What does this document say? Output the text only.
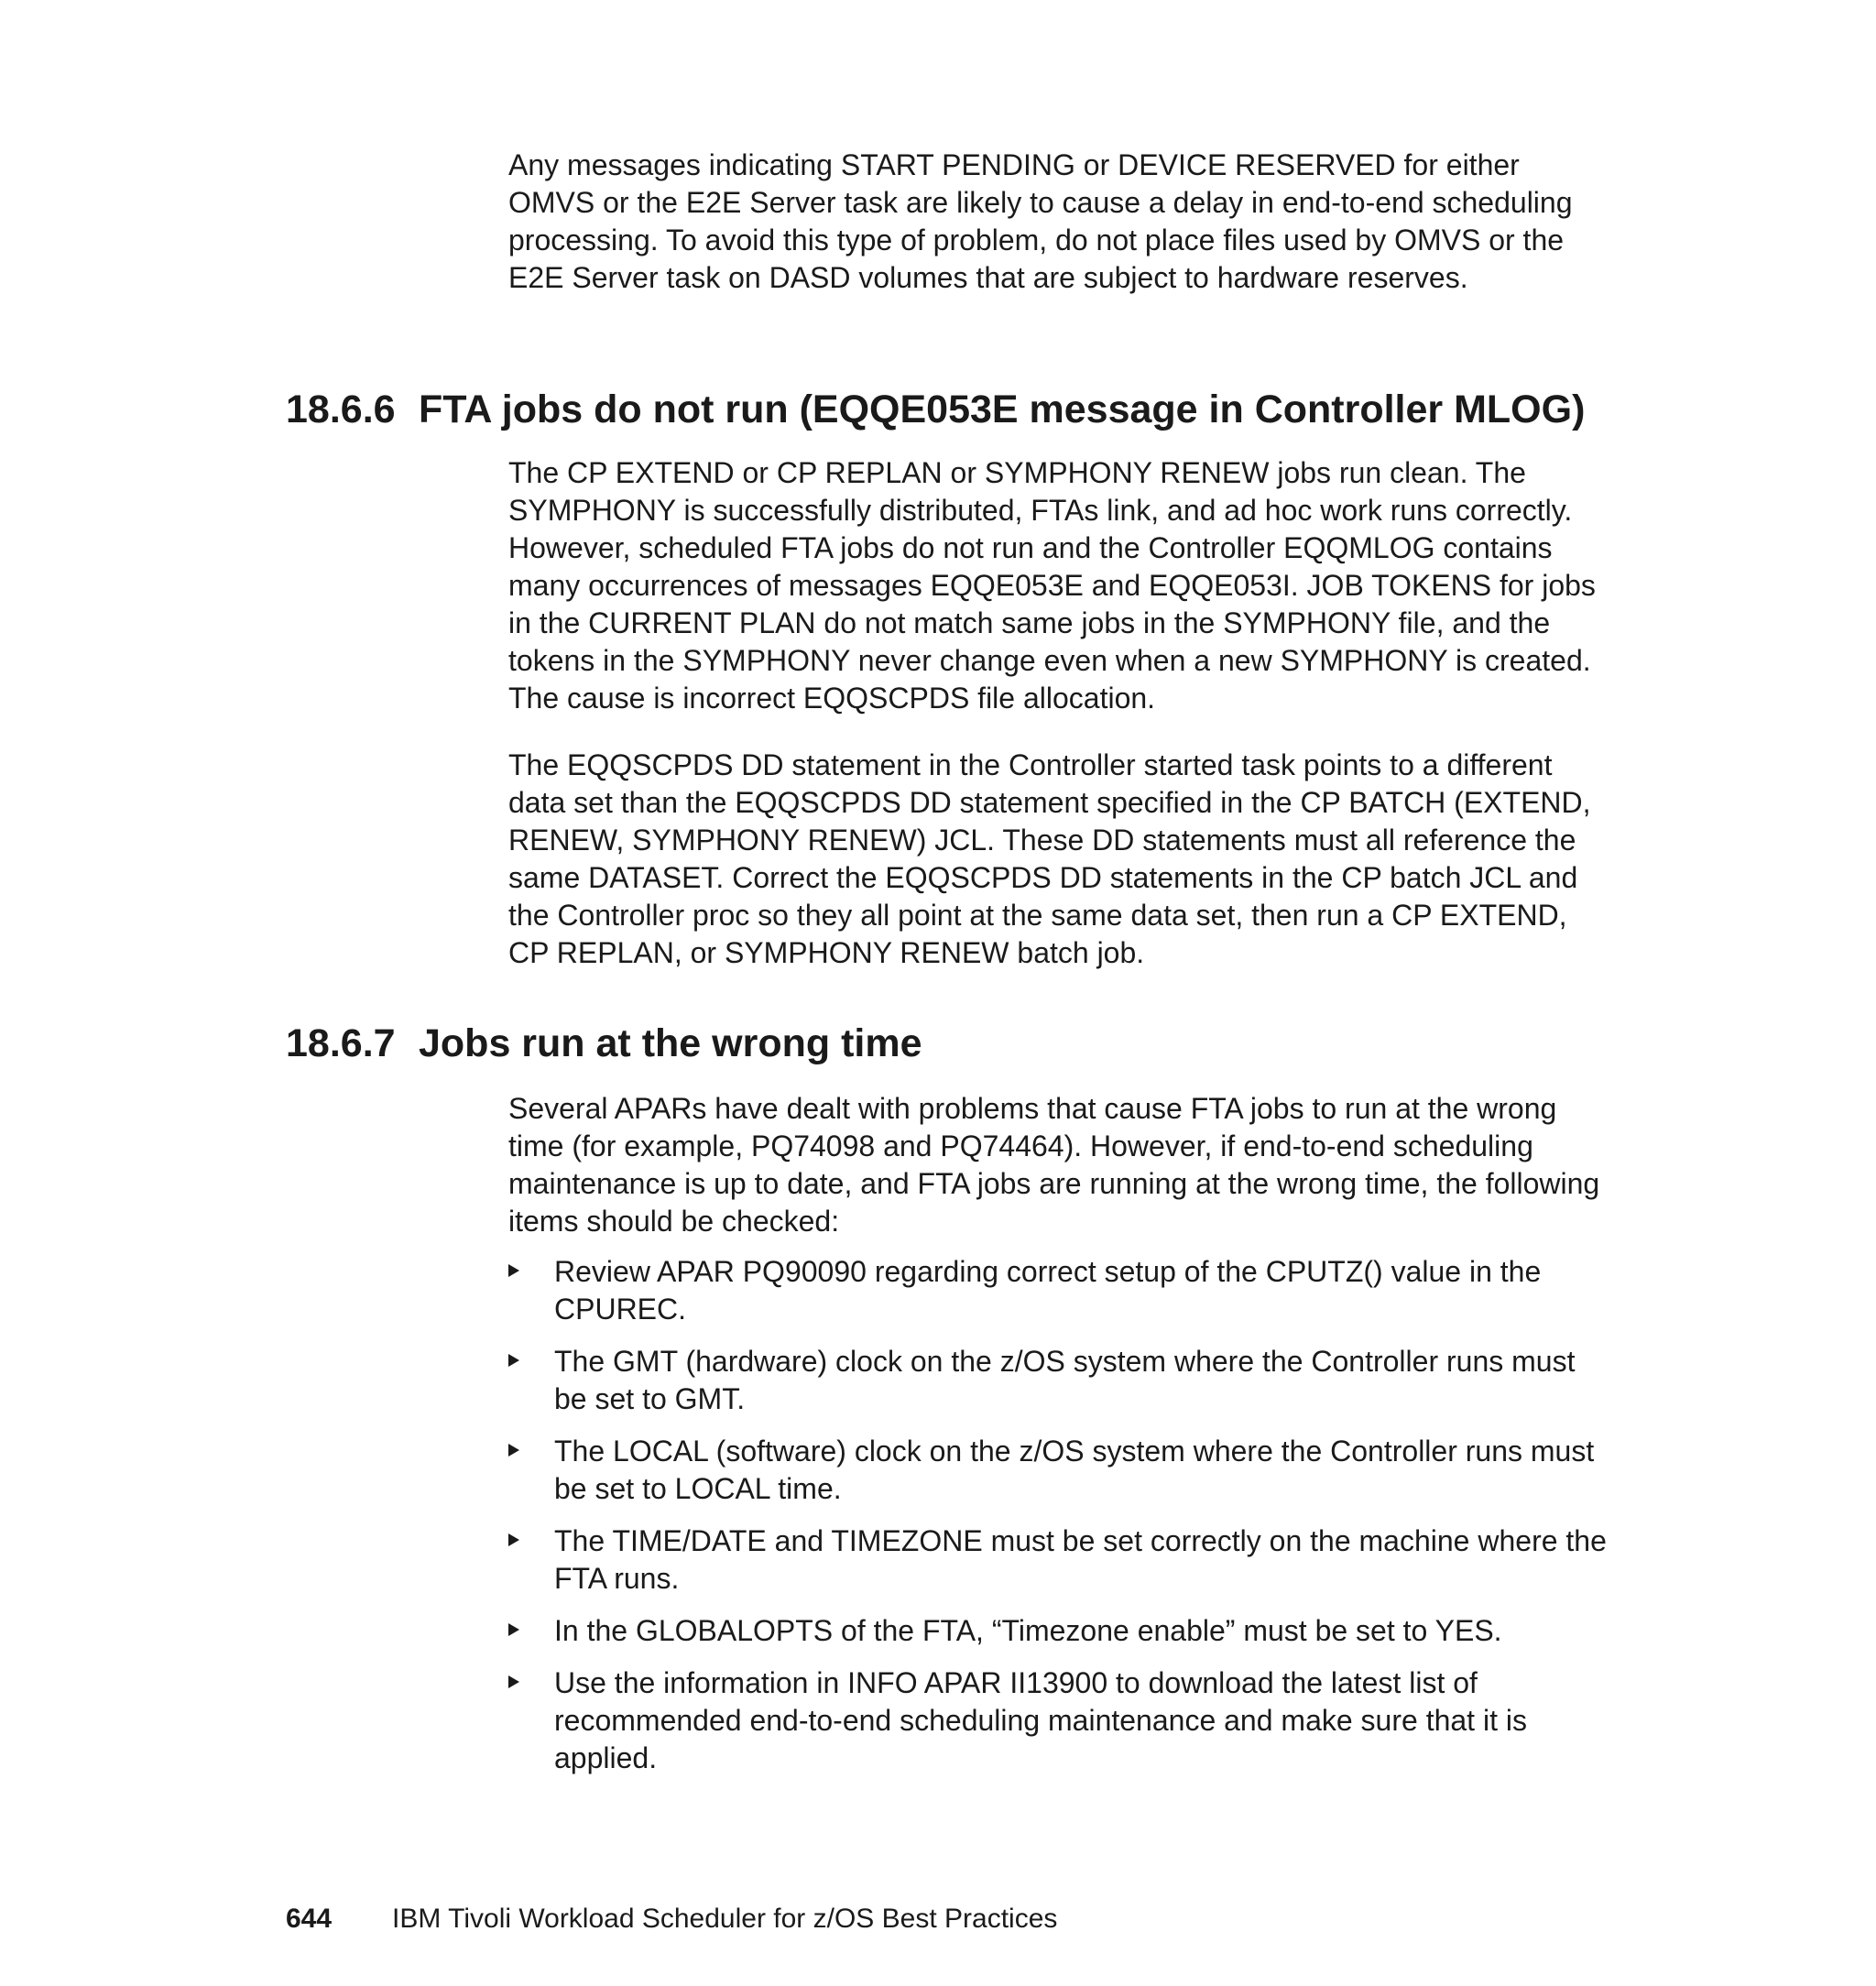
Any messages indicating START PENDING or DEVICE RESERVED for either OMVS or the E2E Server task are likely to cause a delay in end-to-end scheduling processing. To avoid this type of problem, do not place files used by OMVS or the E2E Server task on DASD volumes that are subject to hardware reserves.

18.6.6 FTA jobs do not run (EQQE053E message in Controller MLOG)

The CP EXTEND or CP REPLAN or SYMPHONY RENEW jobs run clean. The SYMPHONY is successfully distributed, FTAs link, and ad hoc work runs correctly. However, scheduled FTA jobs do not run and the Controller EQQMLOG contains many occurrences of messages EQQE053E and EQQE053I. JOB TOKENS for jobs in the CURRENT PLAN do not match same jobs in the SYMPHONY file, and the tokens in the SYMPHONY never change even when a new SYMPHONY is created. The cause is incorrect EQQSCPDS file allocation.

The EQQSCPDS DD statement in the Controller started task points to a different data set than the EQQSCPDS DD statement specified in the CP BATCH (EXTEND, RENEW, SYMPHONY RENEW) JCL. These DD statements must all reference the same DATASET. Correct the EQQSCPDS DD statements in the CP batch JCL and the Controller proc so they all point at the same data set, then run a CP EXTEND, CP REPLAN, or SYMPHONY RENEW batch job.

18.6.7 Jobs run at the wrong time

Several APARs have dealt with problems that cause FTA jobs to run at the wrong time (for example, PQ74098 and PQ74464). However, if end-to-end scheduling maintenance is up to date, and FTA jobs are running at the wrong time, the following items should be checked:

Review APAR PQ90090 regarding correct setup of the CPUTZ() value in the CPUREC.
The GMT (hardware) clock on the z/OS system where the Controller runs must be set to GMT.
The LOCAL (software) clock on the z/OS system where the Controller runs must be set to LOCAL time.
The TIME/DATE and TIMEZONE must be set correctly on the machine where the FTA runs.
In the GLOBALOPTS of the FTA, “Timezone enable” must be set to YES.
Use the information in INFO APAR II13900 to download the latest list of recommended end-to-end scheduling maintenance and make sure that it is applied.
644 IBM Tivoli Workload Scheduler for z/OS Best Practices
